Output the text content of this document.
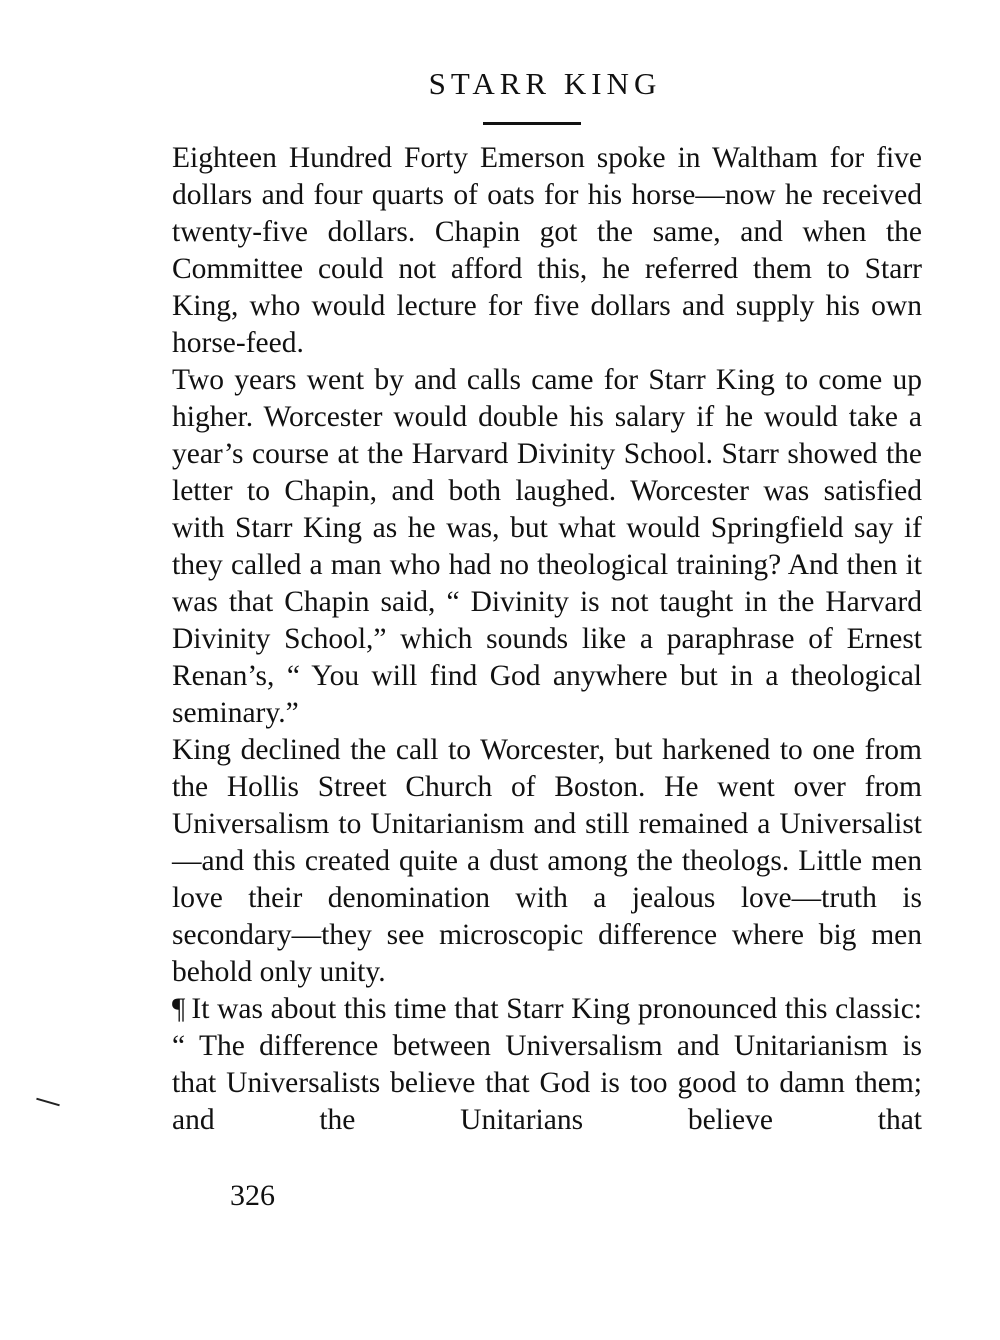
STARR KING

Eighteen Hundred Forty Emerson spoke in Waltham for five dollars and four quarts of oats for his horse—now he received twenty-five dollars. Chapin got the same, and when the Committee could not afford this, he referred them to Starr King, who would lecture for five dollars and supply his own horse-feed.

Two years went by and calls came for Starr King to come up higher. Worcester would double his salary if he would take a year’s course at the Harvard Divinity School. Starr showed the letter to Chapin, and both laughed. Worcester was satisfied with Starr King as he was, but what would Springfield say if they called a man who had no theological training? And then it was that Chapin said, “ Divinity is not taught in the Harvard Divinity School,” which sounds like a paraphrase of Ernest Renan’s, “ You will find God anywhere but in a theological seminary.”

King declined the call to Worcester, but harkened to one from the Hollis Street Church of Boston. He went over from Universalism to Unitarianism and still remained a Universalist—and this created quite a dust among the theologs. Little men love their denomination with a jealous love—truth is secondary—they see microscopic difference where big men behold only unity.

¶ It was about this time that Starr King pronounced this classic: “ The difference between Universalism and Unitarianism is that Universalists believe that God is too good to damn them; and the Unitarians believe that

326
